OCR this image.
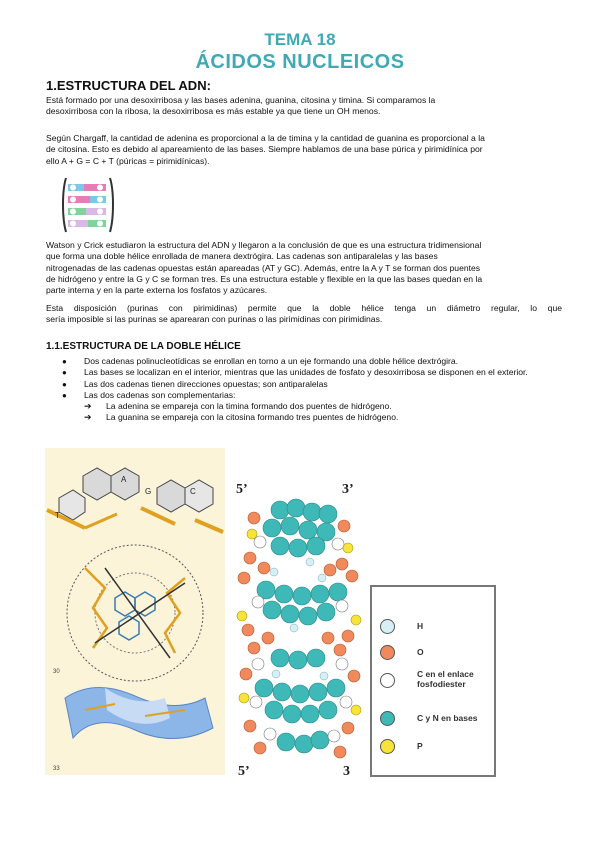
TEMA 18
ÁCIDOS NUCLEICOS
1.ESTRUCTURA DEL ADN:
Está formado por una desoxirribosa y las bases adenina, guanina, citosina y timina. Si comparamos la
desoxirribosa con la ribosa, la desoxirribosa es más estable ya que tiene un OH menos.
Según Chargaff, la cantidad de adenina es proporcional a la de timina y la cantidad de guanina es proporcional a la
de citosina. Esto es debido al apareamiento de las bases. Siempre hablamos de una base púrica y pirimidínica por
ello A + G = C + T (púricas = pirimidínicas).
Watson y Crick estudiaron la estructura del ADN y llegaron a la conclusión de que es una estructura tridimensional
que forma una doble hélice enrollada de manera dextrógira. Las cadenas son antiparalelas y las bases
nitrogenadas de las cadenas opuestas están apareadas (AT y GC). Además, entre la A y T se forman dos puentes
de hidrógeno y entre la G y C se forman tres. Es una estructura estable y flexible en la que las bases quedan en la
parte interna y en la parte externa los fosfatos y azúcares.
Esta disposición (purinas con pirimidinas) permite que la doble hélice tenga un diámetro regular, lo que
sería imposible si las purinas se aparearan con purinas o las pirimidinas con pirimidinas.
1.1.ESTRUCTURA DE LA DOBLE HÉLICE
● Dos cadenas polinucleotídicas se enrollan en torno a un eje formando una doble hélice dextrógira.
● Las bases se localizan en el interior, mientras que las unidades de fosfato y desoxirribosa se disponen en el exterior.
● Las dos cadenas tienen direcciones opuestas; son antiparalelas
● Las dos cadenas son complementarias:
➔ La adenina se empareja con la timina formando dos puentes de hidrógeno.
➔ La guanina se empareja con la citosina formando tres puentes de hidrógeno.
A
T
G	C
30
33
5’	3’
5’	3
H
O
C en el enlace fosfodiester
C y N en bases
P
